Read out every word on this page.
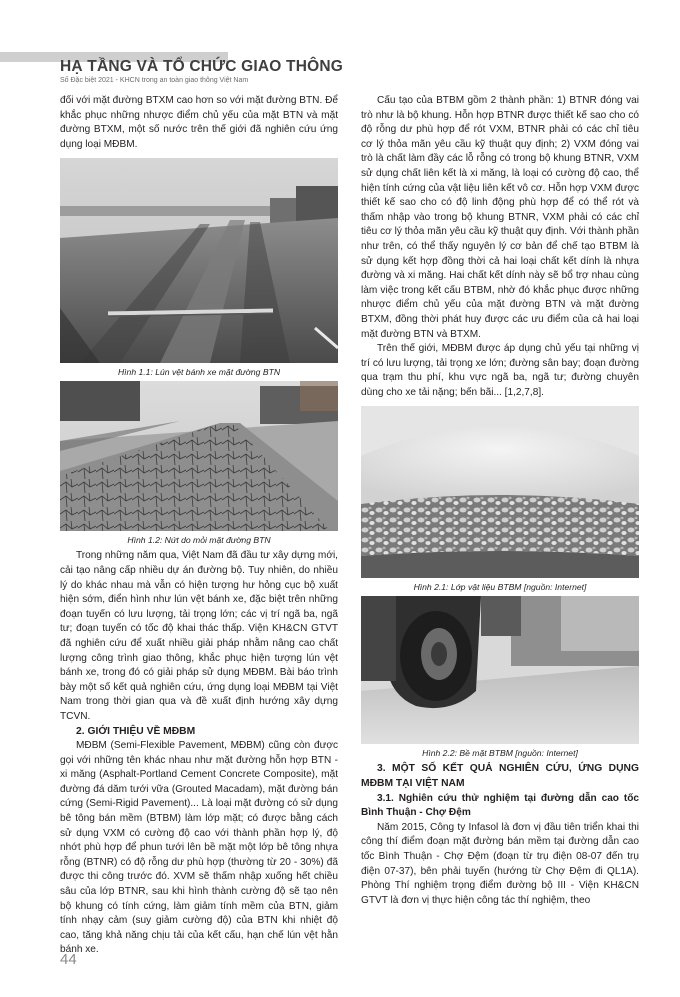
HẠ TẦNG VÀ TỔ CHỨC GIAO THÔNG
Số Đặc biệt 2021 - KHCN trong an toàn giao thông Việt Nam

đối với mặt đường BTXM cao hơn so với mặt đường BTN. Để khắc phục những nhược điểm chủ yếu của mặt BTN và mặt đường BTXM, một số nước trên thế giới đã nghiên cứu ứng dụng loại MĐBM.

Hình 1.1: Lún vệt bánh xe mặt đường BTN
Hình 1.2: Nứt do mỏi mặt đường BTN

Trong những năm qua, Việt Nam đã đầu tư xây dựng mới, cải tạo nâng cấp nhiều dự án đường bộ. Tuy nhiên, do nhiều lý do khác nhau mà vẫn có hiện tượng hư hỏng cục bộ xuất hiện sớm, điển hình như lún vệt bánh xe, đặc biệt trên những đoạn tuyến có lưu lượng, tải trọng lớn; các vị trí ngã ba, ngã tư; đoạn tuyến có tốc độ khai thác thấp. Viện KH&CN GTVT đã nghiên cứu để xuất nhiều giải pháp nhằm nâng cao chất lượng công trình giao thông, khắc phục hiện tượng lún vệt bánh xe, trong đó có giải pháp sử dụng MĐBM. Bài báo trình bày một số kết quả nghiên cứu, ứng dụng loại MĐBM tại Việt Nam trong thời gian qua và đề xuất định hướng xây dựng TCVN.

2. GIỚI THIỆU VỀ MĐBM

MĐBM (Semi-Flexible Pavement, MĐBM) cũng còn được gọi với những tên khác nhau như mặt đường hỗn hợp BTN - xi măng (Asphalt-Portland Cement Concrete Composite), mặt đường đá dăm tưới vữa (Grouted Macadam), mặt đường bán cứng (Semi-Rigid Pavement)... Là loại mặt đường có sử dụng bê tông bán mềm (BTBM) làm lớp mặt; có được bằng cách sử dụng VXM có cường độ cao với thành phần hợp lý, độ nhớt phù hợp để phun tưới lên bề mặt một lớp bê tông nhựa rỗng (BTNR) có độ rỗng dư phù hợp (thường từ 20 - 30%) đã được thi công trước đó. XVM sẽ thấm nhập xuống hết chiều sâu của lớp BTNR, sau khi hình thành cường độ sẽ tạo nên bộ khung có tính cứng, làm giảm tính mềm của BTN, giảm tính nhạy cảm (suy giảm cường độ) của BTN khi nhiệt độ cao, tăng khả năng chịu tải của kết cấu, hạn chế lún vệt hằn bánh xe.

Cấu tạo của BTBM gồm 2 thành phần: 1) BTNR đóng vai trò như là bộ khung. Hỗn hợp BTNR được thiết kế sao cho có độ rỗng dư phù hợp để rót VXM, BTNR phải có các chỉ tiêu cơ lý thỏa mãn yêu cầu kỹ thuật quy định; 2) VXM đóng vai trò là chất làm đầy các lỗ rỗng có trong bộ khung BTNR, VXM sử dụng chất liên kết là xi măng, là loại có cường độ cao, thể hiện tính cứng của vật liệu liên kết vô cơ. Hỗn hợp VXM được thiết kế sao cho có độ linh động phù hợp để có thể rót và thấm nhập vào trong bộ khung BTNR, VXM phải có các chỉ tiêu cơ lý thỏa mãn yêu cầu kỹ thuật quy định. Với thành phần như trên, có thể thấy nguyên lý cơ bản để chế tạo BTBM là sử dụng kết hợp đồng thời cả hai loại chất kết dính là nhựa đường và xi măng. Hai chất kết dính này sẽ bổ trợ nhau cùng làm việc trong kết cấu BTBM, nhờ đó khắc phục được những nhược điểm chủ yếu của mặt đường BTN và mặt đường BTXM, đồng thời phát huy được các ưu điểm của cả hai loại mặt đường BTN và BTXM.

Trên thế giới, MĐBM được áp dụng chủ yếu tại những vị trí có lưu lượng, tải trọng xe lớn; đường sân bay; đoạn đường qua trạm thu phí, khu vực ngã ba, ngã tư; đường chuyên dùng cho xe tải nặng; bến bãi... [1,2,7,8].

Hình 2.1: Lớp vật liệu BTBM [nguồn: Internet]
Hình 2.2: Bề mặt BTBM [nguồn: Internet]

3. MỘT SỐ KẾT QUẢ NGHIÊN CỨU, ỨNG DỤNG MĐBM TẠI VIỆT NAM

3.1. Nghiên cứu thử nghiệm tại đường dẫn cao tốc Bình Thuận - Chợ Đệm

Năm 2015, Công ty Infasol là đơn vị đầu tiên triển khai thi công thí điểm đoạn mặt đường bán mềm tại đường dẫn cao tốc Bình Thuận - Chợ Đệm (đoạn từ trụ điện 08-07 đến trụ điện 07-37), bên phải tuyến (hướng từ Chợ Đệm đi QL1A). Phòng Thí nghiệm trọng điểm đường bộ III - Viện KH&CN GTVT là đơn vị thực hiện công tác thí nghiệm, theo

44
